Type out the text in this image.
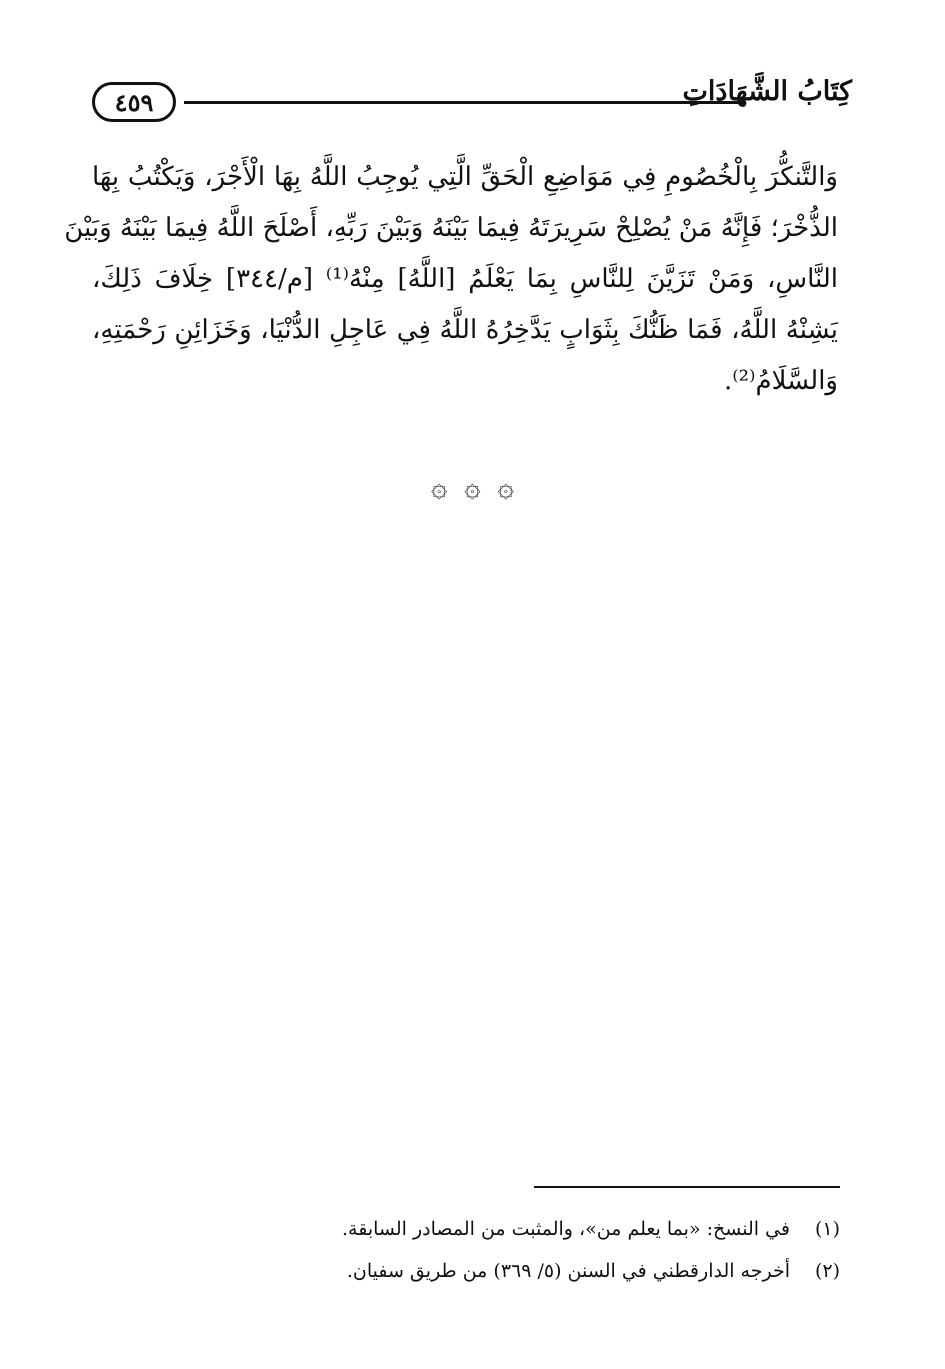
٤٥٩	كِتَابُ الشَّهَادَاتِ
وَالتَّنكُّرَ بِالْخُصُومِ فِي مَوَاضِعِ الْحَقِّ الَّتِي يُوجِبُ اللَّهُ بِهَا الْأَجْرَ، وَيَكْتُبُ بِهَا
الذُّخْرَ؛ فَإِنَّهُ مَنْ يُصْلِحْ سَرِيرَتَهُ فِيمَا بَيْنَهُ وَبَيْنَ رَبِّهِ، أَصْلَحَ اللَّهُ فِيمَا بَيْنَهُ وَبَيْنَ
النَّاسِ، وَمَنْ تَزَيَّنَ لِلنَّاسِ بِمَا يَعْلَمُ [اللَّهُ] مِنْهُ⁽¹⁾ [م/٣٤٤] خِلَافَ ذَلِكَ،
يَشِنْهُ اللَّهُ، فَمَا ظَنُّكَ بِثَوَابٍ يَدَّخِرُهُ اللَّهُ فِي عَاجِلِ الدُّنْيَا، وَخَزَائِنِ رَحْمَتِهِ،
وَالسَّلَامُ⁽²⁾.
۞ ۞ ۞
(١)
في النسخ: «بما يعلم من»، والمثبت من المصادر السابقة.
(٢)
أخرجه الدارقطني في السنن (٥/ ٣٦٩) من طريق سفيان.
